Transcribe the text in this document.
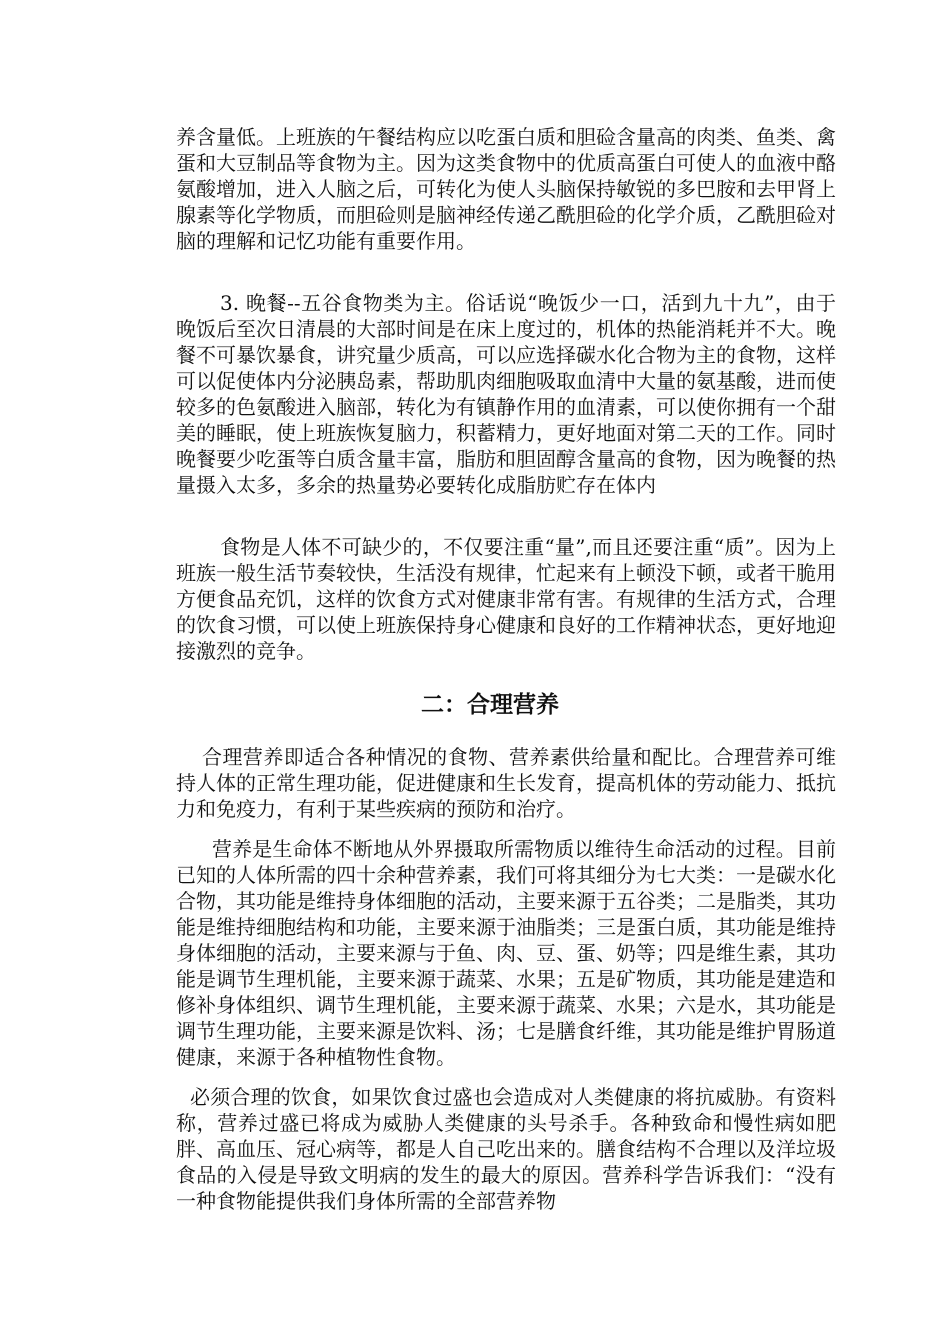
养含量低。上班族的午餐结构应以吃蛋白质和胆硷含量高的肉类、鱼类、禽蛋和大豆制品等食物为主。因为这类食物中的优质高蛋白可使人的血液中酪氨酸增加，进入人脑之后，可转化为使人头脑保持敏锐的多巴胺和去甲肾上腺素等化学物质，而胆硷则是脑神经传递乙酰胆硷的化学介质，乙酰胆硷对脑的理解和记忆功能有重要作用。

3. 晚餐--五谷食物类为主。俗话说“晚饭少一口，活到九十九”，由于晚饭后至次日清晨的大部时间是在床上度过的，机体的热能消耗并不大。晚餐不可暴饮暴食，讲究量少质高，可以应选择碳水化合物为主的食物，这样可以促使体内分泌胰岛素，帮助肌肉细胞吸取血清中大量的氨基酸，进而使较多的色氨酸进入脑部，转化为有镇静作用的血清素，可以使你拥有一个甜美的睡眠，使上班族恢复脑力，积蓄精力，更好地面对第二天的工作。同时晚餐要少吃蛋等白质含量丰富，脂肪和胆固醇含量高的食物，因为晚餐的热量摄入太多，多余的热量势必要转化成脂肪贮存在体内

食物是人体不可缺少的，不仅要注重“量”,而且还要注重“质”。因为上班族一般生活节奏较快，生活没有规律，忙起来有上顿没下顿，或者干脆用方便食品充饥，这样的饮食方式对健康非常有害。有规律的生活方式，合理的饮食习惯，可以使上班族保持身心健康和良好的工作精神状态，更好地迎接激烈的竞争。

二：合理营养

合理营养即适合各种情况的食物、营养素供给量和配比。合理营养可维持人体的正常生理功能，促进健康和生长发育，提高机体的劳动能力、抵抗力和免疫力，有利于某些疾病的预防和治疗。

营养是生命体不断地从外界摄取所需物质以维待生命活动的过程。目前已知的人体所需的四十余种营养素，我们可将其细分为七大类：一是碳水化合物，其功能是维持身体细胞的活动，主要来源于五谷类；二是脂类，其功能是维持细胞结构和功能，主要来源于油脂类；三是蛋白质，其功能是维持身体细胞的活动，主要来源与于鱼、肉、豆、蛋、奶等；四是维生素，其功能是调节生理机能，主要来源于蔬菜、水果；五是矿物质，其功能是建造和修补身体组织、调节生理机能，主要来源于蔬菜、水果；六是水，其功能是调节生理功能，主要来源是饮料、汤；七是膳食纤维，其功能是维护胃肠道健康，来源于各种植物性食物。

必须合理的饮食，如果饮食过盛也会造成对人类健康的将抗威胁。有资料称，营养过盛已将成为威胁人类健康的头号杀手。各种致命和慢性病如肥胖、高血压、冠心病等，都是人自己吃出来的。膳食结构不合理以及洋垃圾食品的入侵是导致文明病的发生的最大的原因。营养科学告诉我们：“没有一种食物能提供我们身体所需的全部营养物
